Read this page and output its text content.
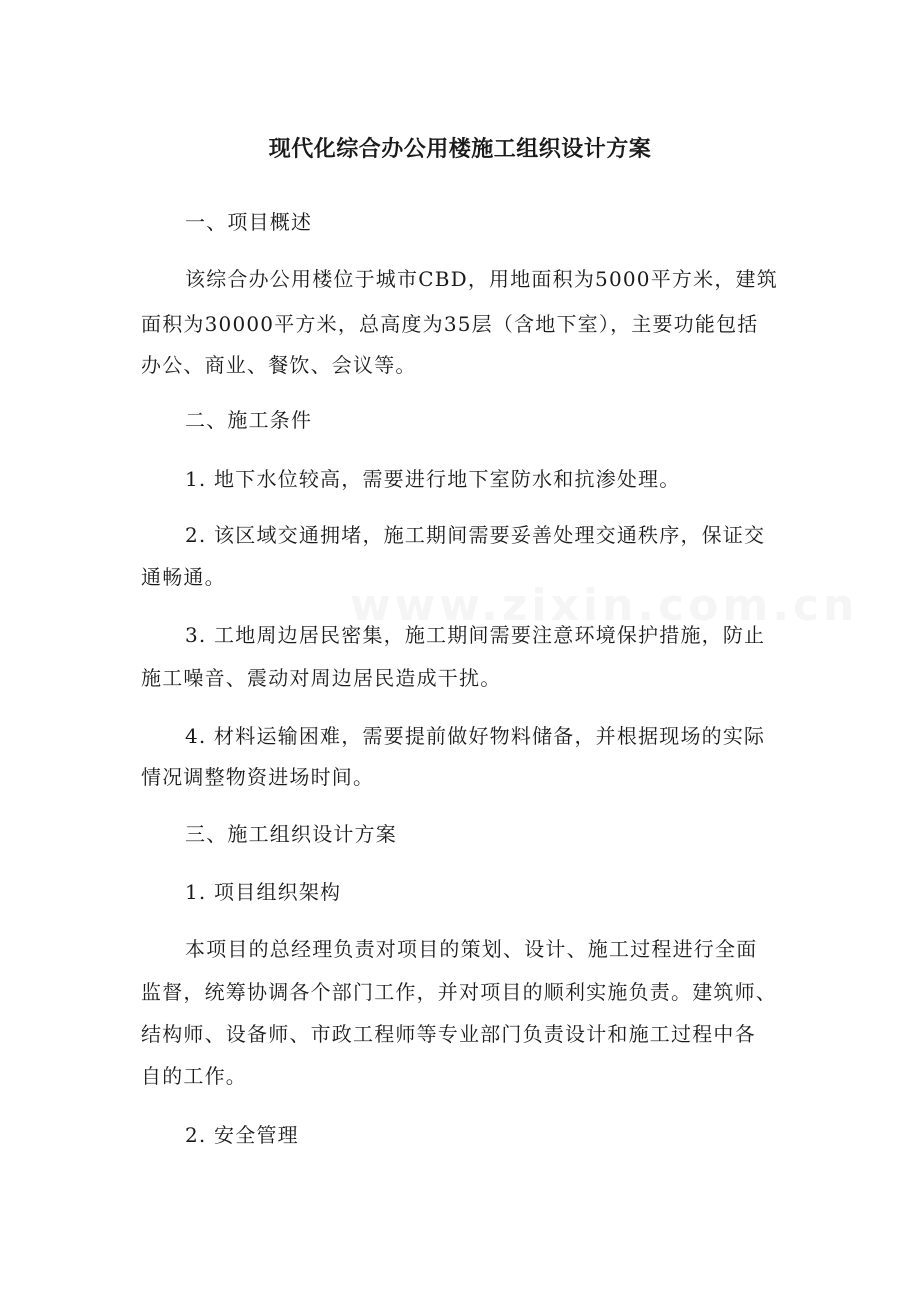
现代化综合办公用楼施工组织设计方案
一、项目概述
该综合办公用楼位于城市CBD，用地面积为5000平方米，建筑
面积为30000平方米，总高度为35层（含地下室），主要功能包括
办公、商业、餐饮、会议等。
二、施工条件
1. 地下水位较高，需要进行地下室防水和抗渗处理。
2. 该区域交通拥堵，施工期间需要妥善处理交通秩序，保证交
通畅通。
3. 工地周边居民密集，施工期间需要注意环境保护措施，防止
施工噪音、震动对周边居民造成干扰。
4. 材料运输困难，需要提前做好物料储备，并根据现场的实际
情况调整物资进场时间。
三、施工组织设计方案
1. 项目组织架构
本项目的总经理负责对项目的策划、设计、施工过程进行全面
监督，统筹协调各个部门工作，并对项目的顺利实施负责。建筑师、
结构师、设备师、市政工程师等专业部门负责设计和施工过程中各
自的工作。
2. 安全管理
www.zixin.com.cn
